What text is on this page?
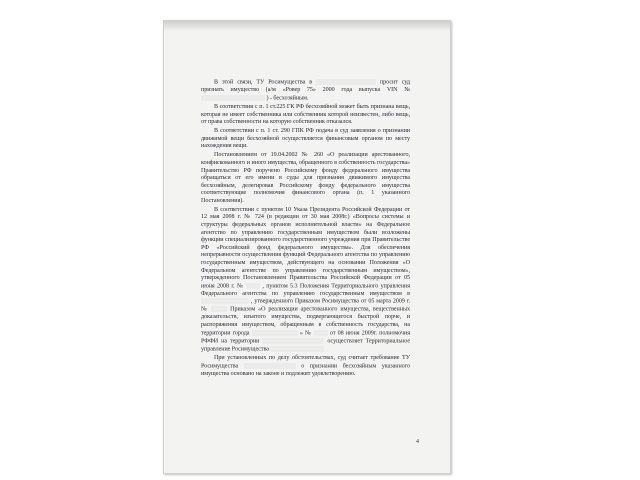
В этой связи, ТУ Росимущества в	просит суд признать имущество (а/м «Ровер 75» 2000 года выпуска VIN №  ) - бесхозяйным.

В соответствии с п. 1 ст.225 ГК РФ бесхозяйной может быть признана вещь, которая не имеет собственника или собственник которой неизвестен, либо вещь, от права собственности на которую собственник отказался.

В соответствии с п. 1 ст. 290 ГПК РФ подача в суд заявления о признании движимой вещи бесхозяйной осуществляется финансовым органом по месту нахождения вещи.

Постановлением от 19.04.2002 № 260 «О реализации арестованного, конфискованного и иного имущества, обращенного в собственность государства» Правительство РФ поручено Российскому фонду федерального имущества обращаться от его имени в суды для признания движимого имущества бесхозяйным, делегировав Российскому фонду федерального имущества соответствующие полномочия финансового органа (п. 1 указанного Постановления).

В соответствии с пунктом 10 Указа Президента Российской Федерации от 12 мая 2008 г. № 724 (в редакции от 30 мая 2008г.) «Вопросы системы и структуры федеральных органов исполнительной власти» на Федеральное агентство по управлению государственным имуществом были возложены функции специализированного государственного учреждения при Правительстве РФ «Российский фонд федерального имущества». Для обеспечения непрерывности осуществления функций Федерального агентства по управлению государственным имуществом, действующего на основании Положения «О Федеральном агентстве по управлению государственным имуществом», утвержденного Постановлением Правительства Российской Федерации от 05 июня 2008 г. №	, пунктом 5.3 Положения Территориального управления Федерального агентства по управлению государственным имуществом в  , утвержденного Приказом Росимущества от 05 марта 2009 г. №	Приказом «О реализации арестованного имущества, вещественных доказательств, изъятого имущества, подвергающегося быстрой порче, и распоряжения имуществом, обращенным в собственность государства, на территории города	» №	от 08 июня 2009г. полномочия РФФИ на территории	осуществляет Территориальное управление Росимущества

При установленных по делу обстоятельствах, суд считает требование ТУ Росимущества	о признании бесхозяйным указанного имущества основано на законе и подлежит удовлетворению.

4
